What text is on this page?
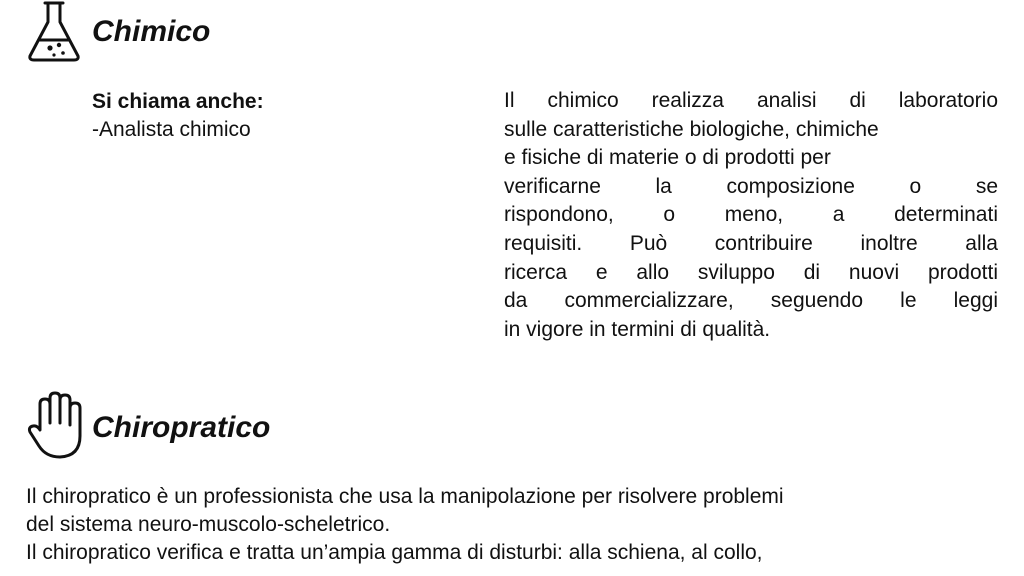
Chimico
Si chiama anche:
-Analista chimico
Il chimico realizza analisi di laboratorio
sulle caratteristiche biologiche, chimiche
e fisiche di materie o di prodotti per
verificarne la composizione o se
rispondono, o meno, a determinati
requisiti. Può contribuire inoltre alla
ricerca e allo sviluppo di nuovi prodotti
da commercializzare, seguendo le leggi
in vigore in termini di qualità.
Chiropratico
Il chiropratico è un professionista che usa la manipolazione per risolvere problemi
del sistema neuro-muscolo-scheletrico.
Il chiropratico verifica e tratta un’ampia gamma di disturbi: alla schiena, al collo,
